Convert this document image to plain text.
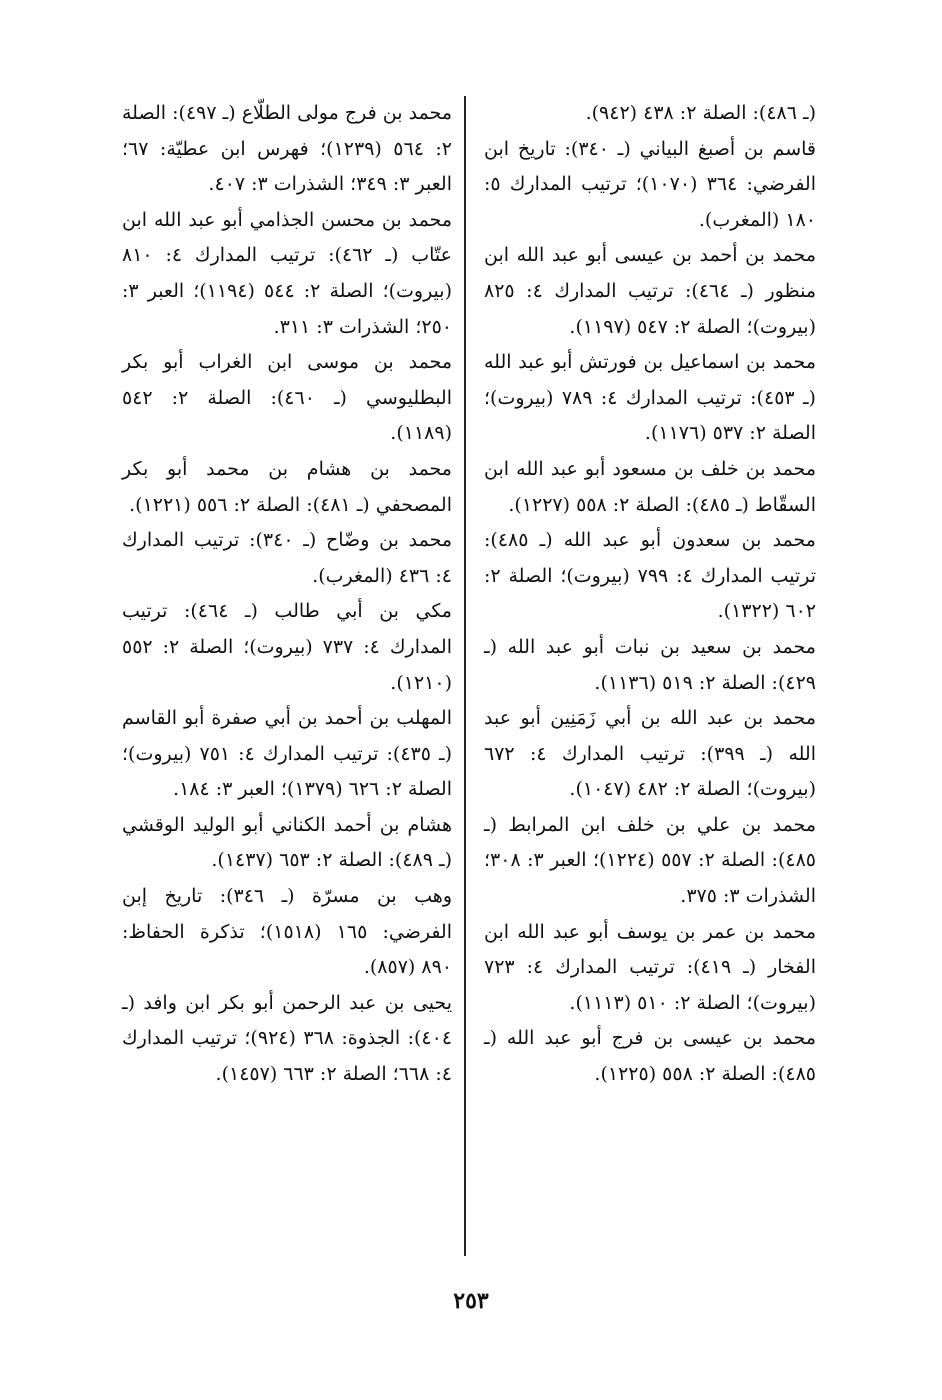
(ـ ٤٨٦): الصلة ٢: ٤٣٨ (٩٤٢).

قاسم بن أصبغ البياني (ـ ٣٤٠): تاريخ ابن الفرضي: ٣٦٤ (١٠٧٠)؛ ترتيب المدارك ٥: ١٨٠ (المغرب).

محمد بن أحمد بن عيسى أبو عبد الله ابن منظور (ـ ٤٦٤): ترتيب المدارك ٤: ٨٢٥ (بيروت)؛ الصلة ٢: ٥٤٧ (١١٩٧).

محمد بن اسماعيل بن فورتش أبو عبد الله (ـ ٤٥٣): ترتيب المدارك ٤: ٧٨٩ (بيروت)؛ الصلة ٢: ٥٣٧ (١١٧٦).

محمد بن خلف بن مسعود أبو عبد الله ابن السقّاط (ـ ٤٨٥): الصلة ٢: ٥٥٨ (١٢٢٧).

محمد بن سعدون أبو عبد الله (ـ ٤٨٥): ترتيب المدارك ٤: ٧٩٩ (بيروت)؛ الصلة ٢: ٦٠٢ (١٣٢٢).

محمد بن سعيد بن نبات أبو عبد الله (ـ ٤٢٩): الصلة ٢: ٥١٩ (١١٣٦).

محمد بن عبد الله بن أبي زَمَنِين أبو عبد الله (ـ ٣٩٩): ترتيب المدارك ٤: ٦٧٢ (بيروت)؛ الصلة ٢: ٤٨٢ (١٠٤٧).

محمد بن علي بن خلف ابن المرابط (ـ ٤٨٥): الصلة ٢: ٥٥٧ (١٢٢٤)؛ العبر ٣: ٣٠٨؛ الشذرات ٣: ٣٧٥.

محمد بن عمر بن يوسف أبو عبد الله ابن الفخار (ـ ٤١٩): ترتيب المدارك ٤: ٧٢٣ (بيروت)؛ الصلة ٢: ٥١٠ (١١١٣).

محمد بن عيسى بن فرج أبو عبد الله (ـ ٤٨٥): الصلة ٢: ٥٥٨ (١٢٢٥).

محمد بن فرج مولى الطلّاع (ـ ٤٩٧): الصلة ٢: ٥٦٤ (١٢٣٩)؛ فهرس ابن عطيّة: ٦٧؛ العبر ٣: ٣٤٩؛ الشذرات ٣: ٤٠٧.

محمد بن محسن الجذامي أبو عبد الله ابن عتّاب (ـ ٤٦٢): ترتيب المدارك ٤: ٨١٠ (بيروت)؛ الصلة ٢: ٥٤٤ (١١٩٤)؛ العبر ٣: ٢٥٠؛ الشذرات ٣: ٣١١.

محمد بن موسى ابن الغراب أبو بكر البطليوسي (ـ ٤٦٠): الصلة ٢: ٥٤٢ (١١٨٩).

محمد بن هشام بن محمد أبو بكر المصحفي (ـ ٤٨١): الصلة ٢: ٥٥٦ (١٢٢١).

محمد بن وضّاح (ـ ٣٤٠): ترتيب المدارك ٤: ٤٣٦ (المغرب).

مكي بن أبي طالب (ـ ٤٦٤): ترتيب المدارك ٤: ٧٣٧ (بيروت)؛ الصلة ٢: ٥٥٢ (١٢١٠).

المهلب بن أحمد بن أبي صفرة أبو القاسم (ـ ٤٣٥): ترتيب المدارك ٤: ٧٥١ (بيروت)؛ الصلة ٢: ٦٢٦ (١٣٧٩)؛ العبر ٣: ١٨٤.

هشام بن أحمد الكناني أبو الوليد الوقشي (ـ ٤٨٩): الصلة ٢: ٦٥٣ (١٤٣٧).

وهب بن مسرّة (ـ ٣٤٦): تاريخ إبن الفرضي: ١٦٥ (١٥١٨)؛ تذكرة الحفاظ: ٨٩٠ (٨٥٧).

يحيى بن عبد الرحمن أبو بكر ابن وافد (ـ ٤٠٤): الجذوة: ٣٦٨ (٩٢٤)؛ ترتيب المدارك ٤: ٦٦٨؛ الصلة ٢: ٦٦٣ (١٤٥٧).

٢٥٣
